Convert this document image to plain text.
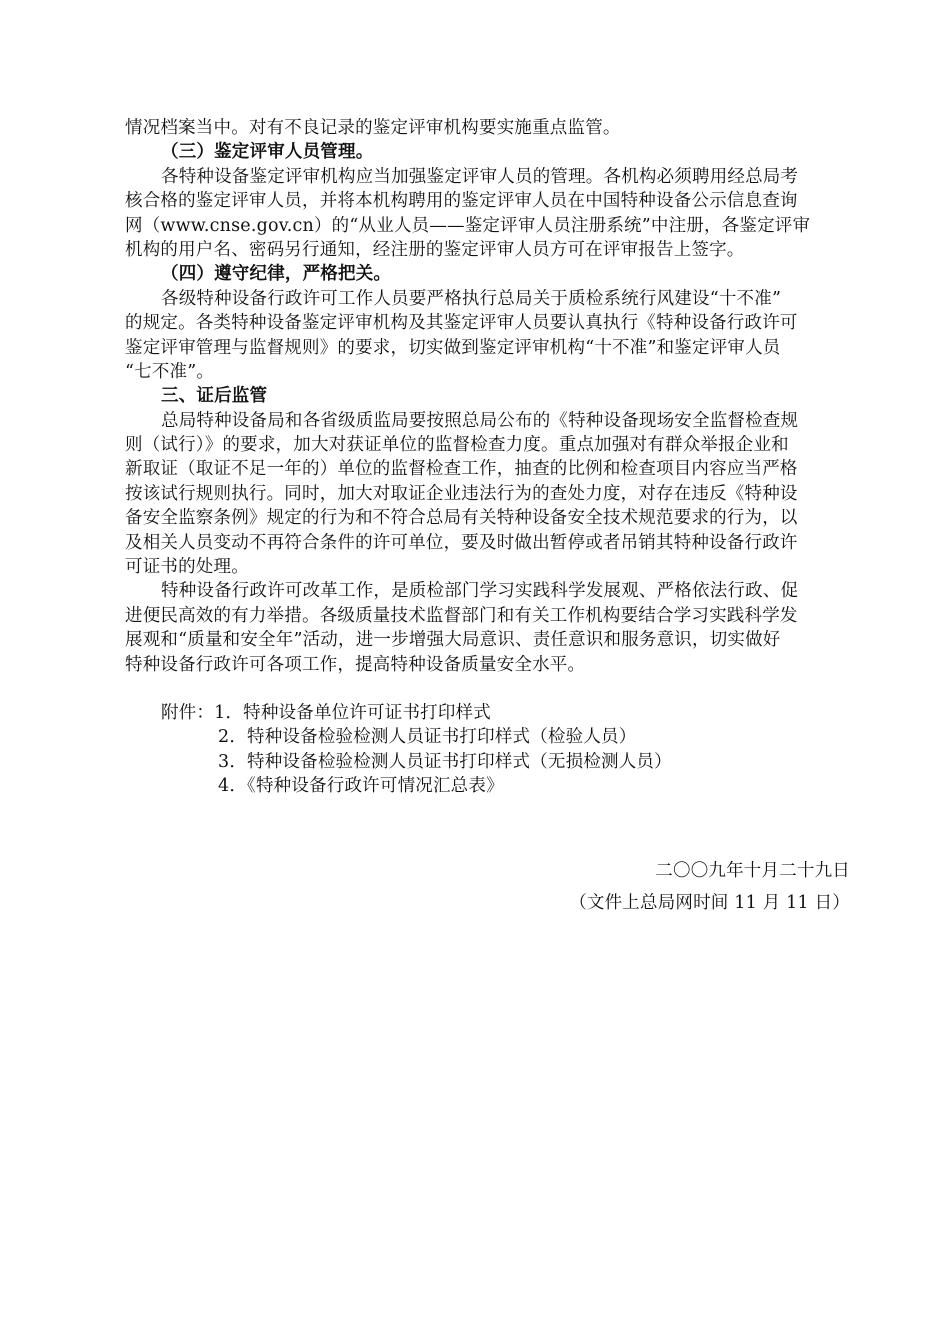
情况档案当中。对有不良记录的鉴定评审机构要实施重点监管。
（三）鉴定评审人员管理。
各特种设备鉴定评审机构应当加强鉴定评审人员的管理。各机构必须聘用经总局考
核合格的鉴定评审人员，并将本机构聘用的鉴定评审人员在中国特种设备公示信息查询
网（www.cnse.gov.cn）的“从业人员——鉴定评审人员注册系统”中注册，各鉴定评审
机构的用户名、密码另行通知，经注册的鉴定评审人员方可在评审报告上签字。
（四）遵守纪律，严格把关。
各级特种设备行政许可工作人员要严格执行总局关于质检系统行风建设“十不准”
的规定。各类特种设备鉴定评审机构及其鉴定评审人员要认真执行《特种设备行政许可
鉴定评审管理与监督规则》的要求，切实做到鉴定评审机构“十不准”和鉴定评审人员
“七不准”。
三、证后监管
总局特种设备局和各省级质监局要按照总局公布的《特种设备现场安全监督检查规
则（试行）》的要求，加大对获证单位的监督检查力度。重点加强对有群众举报企业和
新取证（取证不足一年的）单位的监督检查工作，抽查的比例和检查项目内容应当严格
按该试行规则执行。同时，加大对取证企业违法行为的查处力度，对存在违反《特种设
备安全监察条例》规定的行为和不符合总局有关特种设备安全技术规范要求的行为，以
及相关人员变动不再符合条件的许可单位，要及时做出暂停或者吊销其特种设备行政许
可证书的处理。
特种设备行政许可改革工作，是质检部门学习实践科学发展观、严格依法行政、促
进便民高效的有力举措。各级质量技术监督部门和有关工作机构要结合学习实践科学发
展观和“质量和安全年”活动，进一步增强大局意识、责任意识和服务意识，切实做好
特种设备行政许可各项工作，提高特种设备质量安全水平。
附件：1．特种设备单位许可证书打印样式
2．特种设备检验检测人员证书打印样式（检验人员）
3．特种设备检验检测人员证书打印样式（无损检测人员）
4．《特种设备行政许可情况汇总表》
二〇〇九年十月二十九日
（文件上总局网时间 11 月 11 日）
